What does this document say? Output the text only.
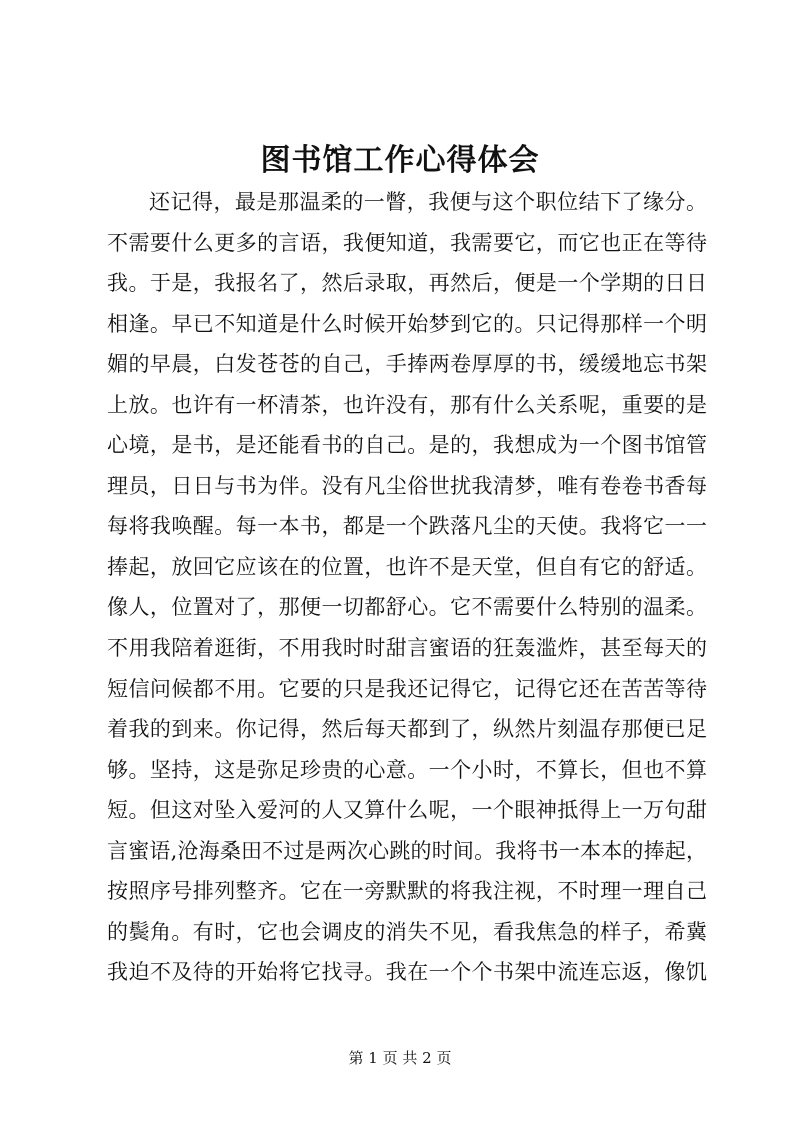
图书馆工作心得体会
还记得，最是那温柔的一瞥，我便与这个职位结下了缘分。
不需要什么更多的言语，我便知道，我需要它，而它也正在等待
我。于是，我报名了，然后录取，再然后，便是一个学期的日日
相逢。早已不知道是什么时候开始梦到它的。只记得那样一个明
媚的早晨，白发苍苍的自己，手捧两卷厚厚的书，缓缓地忘书架
上放。也许有一杯清茶，也许没有，那有什么关系呢，重要的是
心境，是书，是还能看书的自己。是的，我想成为一个图书馆管
理员，日日与书为伴。没有凡尘俗世扰我清梦，唯有卷卷书香每
每将我唤醒。每一本书，都是一个跌落凡尘的天使。我将它一一
捧起，放回它应该在的位置，也许不是天堂，但自有它的舒适。
像人，位置对了，那便一切都舒心。它不需要什么特别的温柔。
不用我陪着逛街，不用我时时甜言蜜语的狂轰滥炸，甚至每天的
短信问候都不用。它要的只是我还记得它，记得它还在苦苦等待
着我的到来。你记得，然后每天都到了，纵然片刻温存那便已足
够。坚持，这是弥足珍贵的心意。一个小时，不算长，但也不算
短。但这对坠入爱河的人又算什么呢，一个眼神抵得上一万句甜
言蜜语,沧海桑田不过是两次心跳的时间。我将书一本本的捧起，
按照序号排列整齐。它在一旁默默的将我注视，不时理一理自己
的鬓角。有时，它也会调皮的消失不见，看我焦急的样子，希冀
我迫不及待的开始将它找寻。我在一个个书架中流连忘返，像饥
第 1 页 共 2 页
